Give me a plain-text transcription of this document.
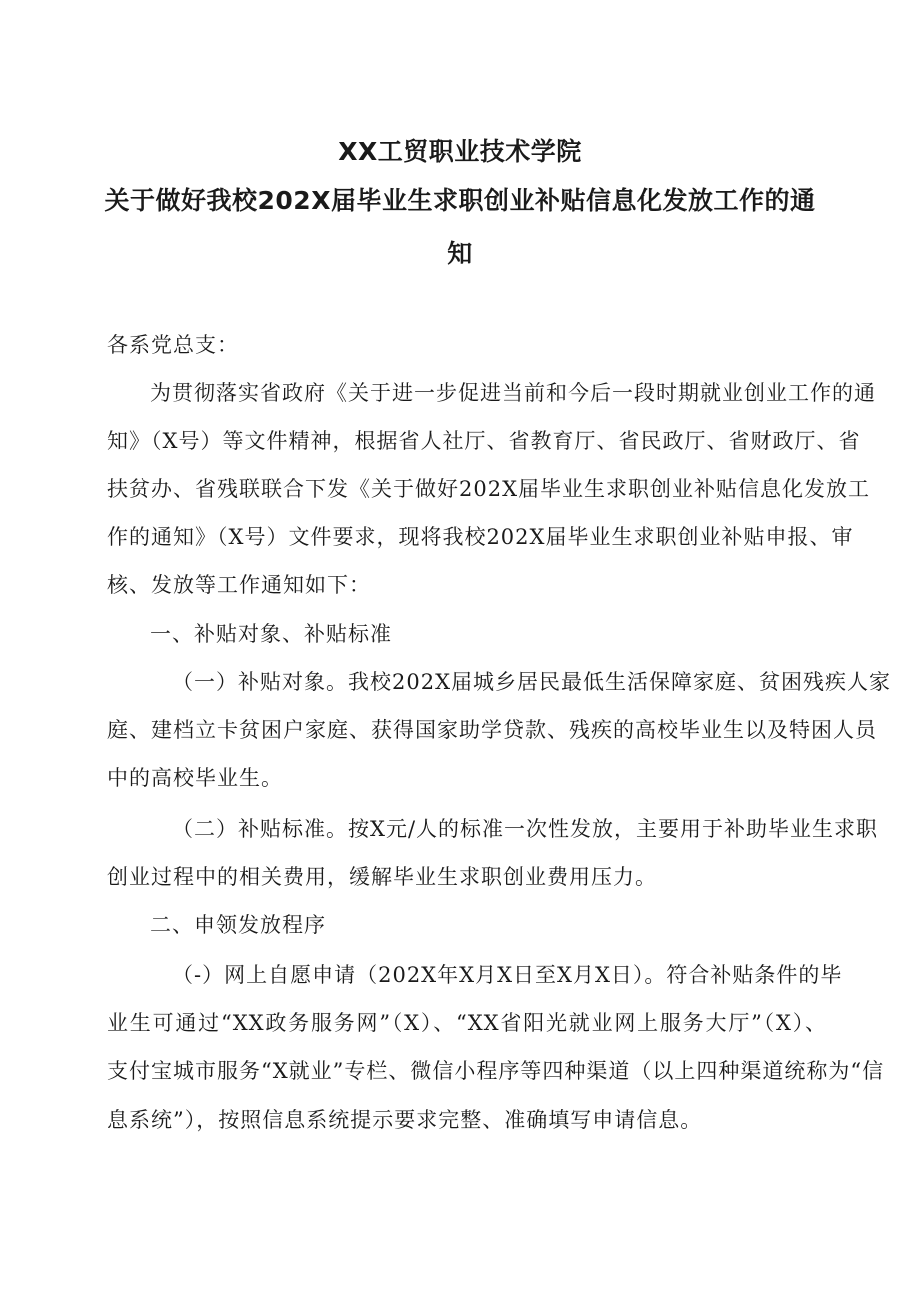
XX工贸职业技术学院
关于做好我校202X届毕业生求职创业补贴信息化发放工作的通
知

各系党总支：

为贯彻落实省政府《关于进一步促进当前和今后一段时期就业创业工作的通

知》（X号）等文件精神，根据省人社厅、省教育厅、省民政厅、省财政厅、省

扶贫办、省残联联合下发《关于做好202X届毕业生求职创业补贴信息化发放工

作的通知》（X号）文件要求，现将我校202X届毕业生求职创业补贴申报、审

核、发放等工作通知如下：

一、补贴对象、补贴标准

（一）补贴对象。我校202X届城乡居民最低生活保障家庭、贫困残疾人家

庭、建档立卡贫困户家庭、获得国家助学贷款、残疾的高校毕业生以及特困人员

中的高校毕业生。

（二）补贴标准。按X元/人的标准一次性发放，主要用于补助毕业生求职

创业过程中的相关费用，缓解毕业生求职创业费用压力。

二、申领发放程序

（-）网上自愿申请（202X年X月X日至X月X日）。符合补贴条件的毕

业生可通过“XX政务服务网”（X）、“XX省阳光就业网上服务大厅”（X）、

支付宝城市服务“X就业”专栏、微信小程序等四种渠道（以上四种渠道统称为“信

息系统”），按照信息系统提示要求完整、准确填写申请信息。
